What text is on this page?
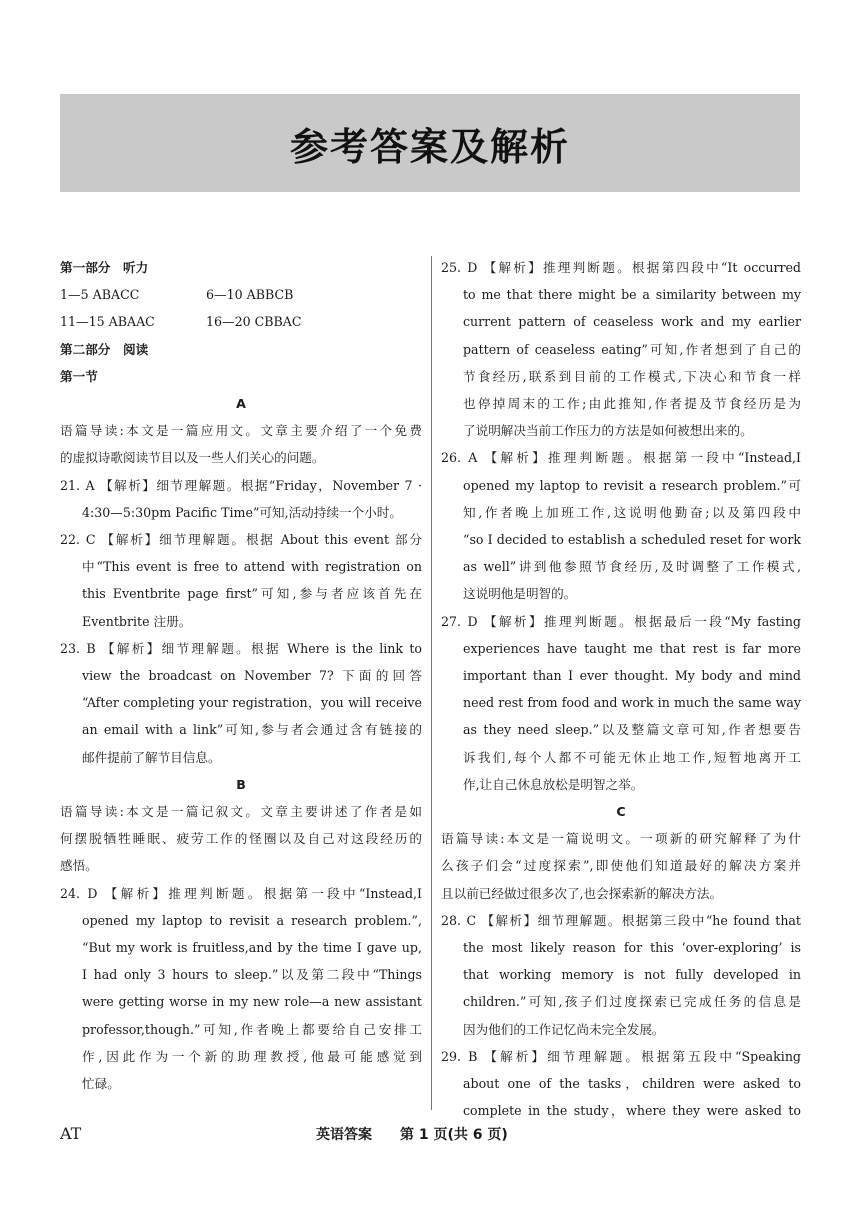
参考答案及解析
第一部分　听力
1—5 ABACC	6—10 ABBCB
11—15 ABAAC	16—20 CBBAC
第二部分　阅读
第一节
A
语篇导读:本文是一篇应用文。文章主要介绍了一个免费
的虚拟诗歌阅读节目以及一些人们关心的问题。
21. A 【解析】细节理解题。根据“Friday，November 7 ·
4:30—5:30pm Pacific Time”可知,活动持续一个小时。
22. C 【解析】细节理解题。根据 About this event 部分
中“This event is free to attend with registration on
this Eventbrite page first”可知,参与者应该首先在
Eventbrite 注册。
23. B 【解析】细节理解题。根据 Where is the link to
view the broadcast on November 7? 下面的回答
“After completing your registration，you will receive
an email with a link”可知,参与者会通过含有链接的
邮件提前了解节目信息。
B
语篇导读:本文是一篇记叙文。文章主要讲述了作者是如
何摆脱牺牲睡眠、疲劳工作的怪圈以及自己对这段经历的
感悟。
24. D 【解析】推理判断题。根据第一段中“Instead,I
opened my laptop to revisit a research problem.”,
“But my work is fruitless,and by the time I gave up,
I had only 3 hours to sleep.”以及第二段中“Things
were getting worse in my new role—a new assistant
professor,though.”可知,作者晚上都要给自己安排工
作,因此作为一个新的助理教授,他最可能感觉到
忙碌。
25. D 【解析】推理判断题。根据第四段中“It occurred
to me that there might be a similarity between my
current pattern of ceaseless work and my earlier
pattern of ceaseless eating”可知,作者想到了自己的
节食经历,联系到目前的工作模式,下决心和节食一样
也停掉周末的工作;由此推知,作者提及节食经历是为
了说明解决当前工作压力的方法是如何被想出来的。
26. A 【解析】推理判断题。根据第一段中“Instead,I
opened my laptop to revisit a research problem.”可
知,作者晚上加班工作,这说明他勤奋;以及第四段中
“so I decided to establish a scheduled reset for work
as well”讲到他参照节食经历,及时调整了工作模式,
这说明他是明智的。
27. D 【解析】推理判断题。根据最后一段“My fasting
experiences have taught me that rest is far more
important than I ever thought. My body and mind
need rest from food and work in much the same way
as they need sleep.”以及整篇文章可知,作者想要告
诉我们,每个人都不可能无休止地工作,短暂地离开工
作,让自己休息放松是明智之举。
C
语篇导读:本文是一篇说明文。一项新的研究解释了为什
么孩子们会“过度探索”,即使他们知道最好的解决方案并
且以前已经做过很多次了,也会探索新的解决方法。
28. C 【解析】细节理解题。根据第三段中“he found that
the most likely reason for this ‘over-exploring’ is
that working memory is not fully developed in
children.”可知,孩子们过度探索已完成任务的信息是
因为他们的工作记忆尚未完全发展。
29. B 【解析】细节理解题。根据第五段中“Speaking
about one of the tasks，children were asked to
complete in the study，where they were asked to
AT	英语答案　　 第 1 页(共 6 页)
